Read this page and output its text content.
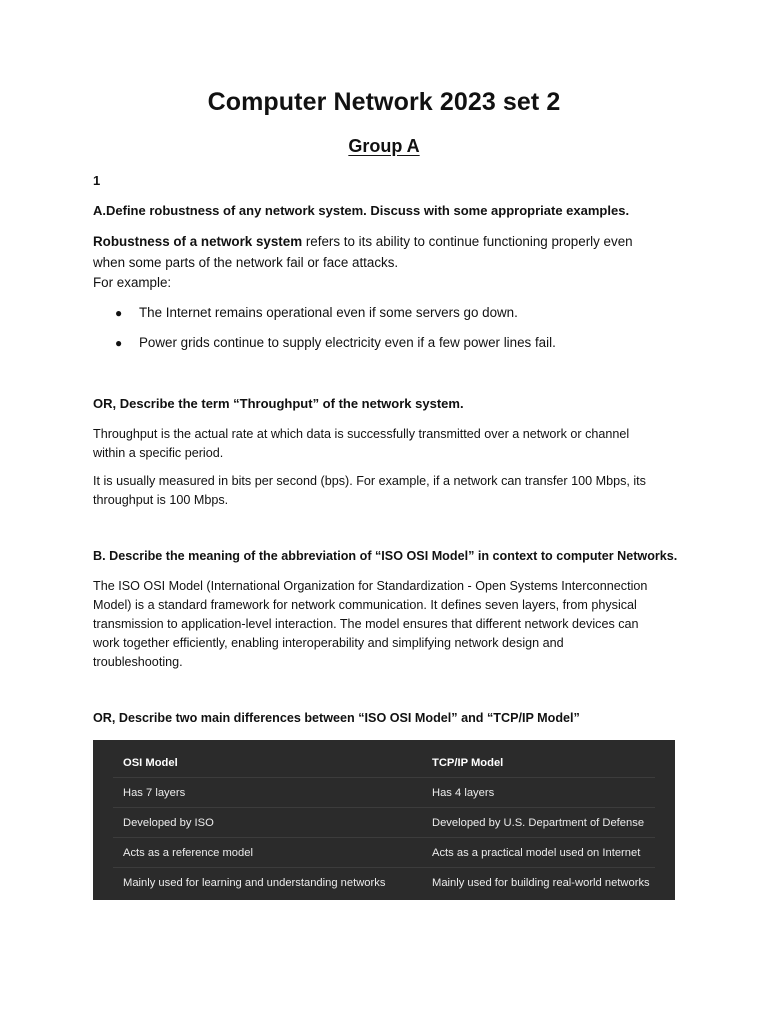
Computer Network 2023 set 2
Group A
1
A.Define robustness of any network system. Discuss with some appropriate examples.
Robustness of a network system refers to its ability to continue functioning properly even
when some parts of the network fail or face attacks.
For example:
● The Internet remains operational even if some servers go down.
● Power grids continue to supply electricity even if a few power lines fail.
OR, Describe the term “Throughput” of the network system.
Throughput is the actual rate at which data is successfully transmitted over a network or channel
within a specific period.
It is usually measured in bits per second (bps). For example, if a network can transfer 100 Mbps, its
throughput is 100 Mbps.
B. Describe the meaning of the abbreviation of “ISO OSI Model” in context to computer Networks.
The ISO OSI Model (International Organization for Standardization - Open Systems Interconnection
Model) is a standard framework for network communication. It defines seven layers, from physical
transmission to application-level interaction. The model ensures that different network devices can
work together efficiently, enabling interoperability and simplifying network design and
troubleshooting.
OR, Describe two main differences between “ISO OSI Model” and “TCP/IP Model”
OSI Model	TCP/IP Model
Has 7 layers	Has 4 layers
Developed by ISO	Developed by U.S. Department of Defense
Acts as a reference model	Acts as a practical model used on Internet
Mainly used for learning and understanding networks	Mainly used for building real-world networks
